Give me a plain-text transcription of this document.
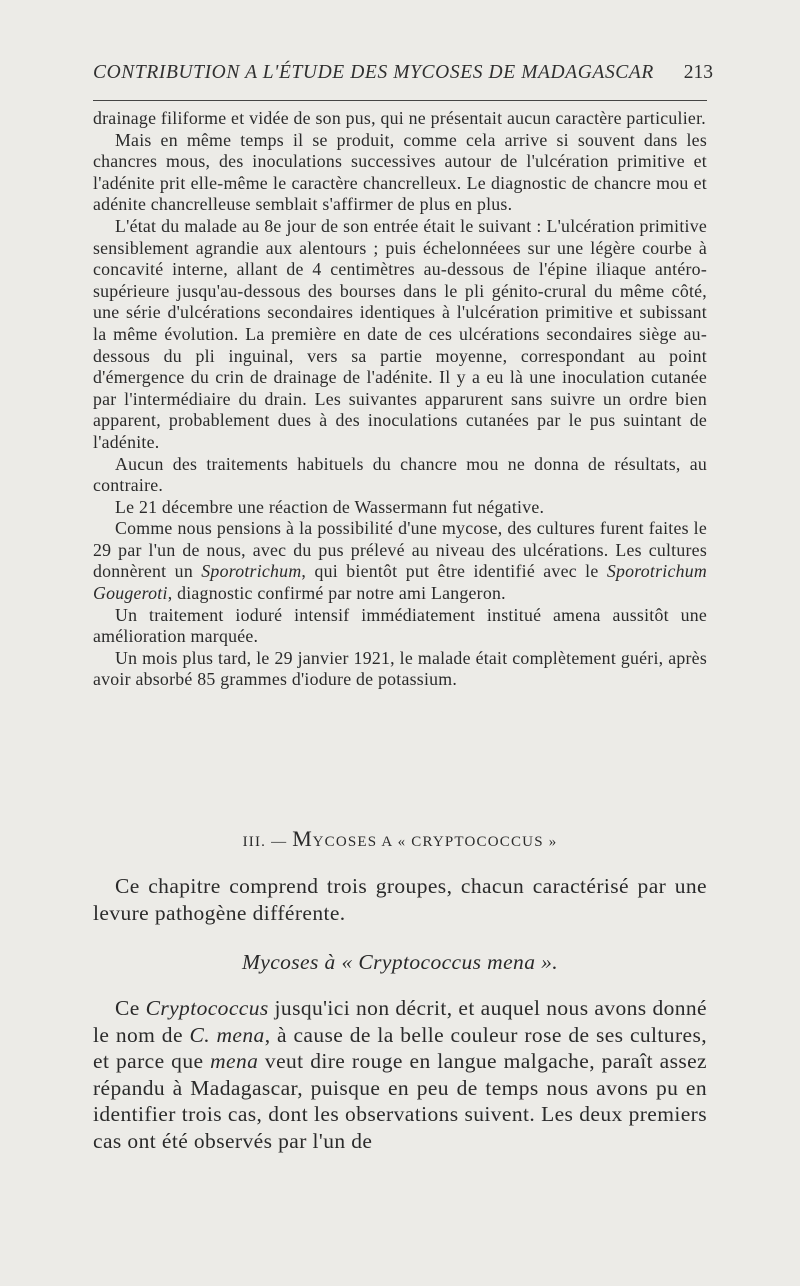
CONTRIBUTION A L'ÉTUDE DES MYCOSES DE MADAGASCAR 213

drainage filiforme et vidée de son pus, qui ne présentait aucun caractère particulier.

Mais en même temps il se produit, comme cela arrive si souvent dans les chancres mous, des inoculations successives autour de l'ulcération primitive et l'adénite prit elle-même le caractère chancrelleux. Le diagnostic de chancre mou et adénite chancrelleuse semblait s'affirmer de plus en plus.

L'état du malade au 8e jour de son entrée était le suivant : L'ulcération primitive sensiblement agrandie aux alentours ; puis échelonnéees sur une légère courbe à concavité interne, allant de 4 centimètres au-dessous de l'épine iliaque antéro-supérieure jusqu'au-dessous des bourses dans le pli génito-crural du même côté, une série d'ulcérations secondaires identiques à l'ulcération primitive et subissant la même évolution. La première en date de ces ulcérations secondaires siège au-dessous du pli inguinal, vers sa partie moyenne, correspondant au point d'émergence du crin de drainage de l'adénite. Il y a eu là une inoculation cutanée par l'intermédiaire du drain. Les suivantes apparurent sans suivre un ordre bien apparent, probablement dues à des inoculations cutanées par le pus suintant de l'adénite.

Aucun des traitements habituels du chancre mou ne donna de résultats, au contraire.

Le 21 décembre une réaction de Wassermann fut négative.

Comme nous pensions à la possibilité d'une mycose, des cultures furent faites le 29 par l'un de nous, avec du pus prélevé au niveau des ulcérations. Les cultures donnèrent un Sporotrichum, qui bientôt put être identifié avec le Sporotrichum Gougeroti, diagnostic confirmé par notre ami Langeron.

Un traitement ioduré intensif immédiatement institué amena aussitôt une amélioration marquée.

Un mois plus tard, le 29 janvier 1921, le malade était complètement guéri, après avoir absorbé 85 grammes d'iodure de potassium.

III. — MYCOSES A « CRYPTOCOCCUS »

Ce chapitre comprend trois groupes, chacun caractérisé par une levure pathogène différente.

Mycoses à « Cryptococcus mena ».

Ce Cryptococcus jusqu'ici non décrit, et auquel nous avons donné le nom de C. mena, à cause de la belle couleur rose de ses cultures, et parce que mena veut dire rouge en langue malgache, paraît assez répandu à Madagascar, puisque en peu de temps nous avons pu en identifier trois cas, dont les observations suivent. Les deux premiers cas ont été observés par l'un de
